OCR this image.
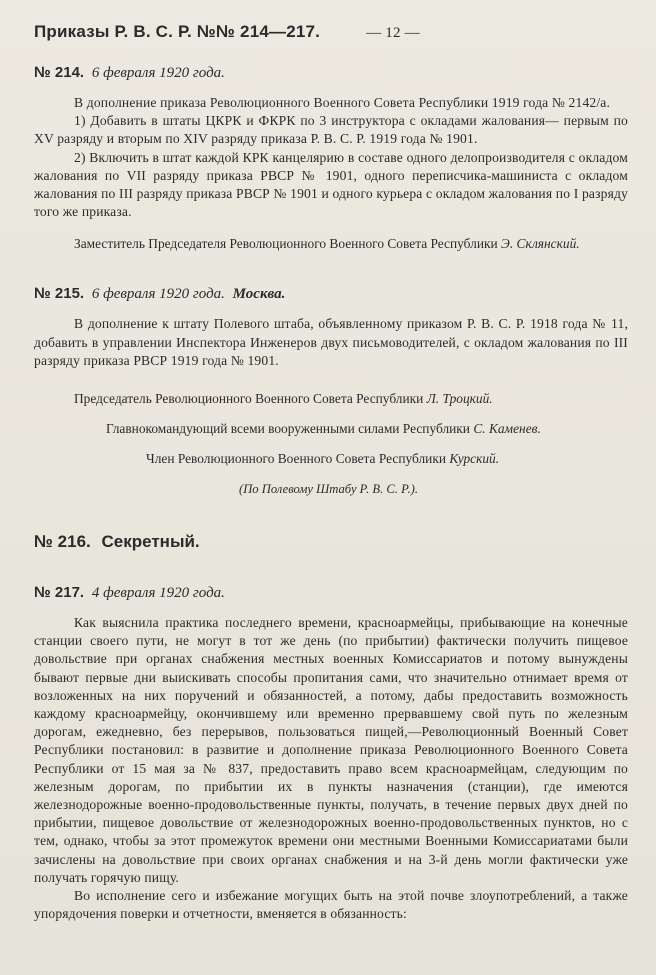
Приказы Р. В. С. Р. №№ 214—217.	— 12 —
№ 214. 6 февраля 1920 года.

В дополнение приказа Революционного Военного Совета Республики 1919 года № 2142/а.

1) Добавить в штаты ЦКРК и ФКРК по 3 инструктора с окладами жалования— первым по XV разряду и вторым по XIV разряду приказа Р. В. С. Р. 1919 года № 1901.

2) Включить в штат каждой КРК канцелярию в составе одного делопроизводителя с окладом жалования по VII разряду приказа РВСР № 1901, одного переписчика-машиниста с окладом жалования по III разряду приказа РВСР № 1901 и одного курьера с окладом жалования по I разряду того же приказа.

Заместитель Председателя Революционного Военного Совета Республики Э. Склянский.
№ 215. 6 февраля 1920 года. Москва.

В дополнение к штату Полевого штаба, объявленному приказом Р. В. С. Р. 1918 года № 11, добавить в управлении Инспектора Инженеров двух письмоводителей, с окладом жалования по III разряду приказа РВСР 1919 года № 1901.

Председатель Революционного Военного Совета Республики Л. Троцкий.
Главнокомандующий всеми вооруженными силами Республики С. Каменев.
Член Революционного Военного Совета Республики Курский.
(По Полевому Штабу Р. В. С. Р.).
№ 216. Секретный.
№ 217. 4 февраля 1920 года.

Как выяснила практика последнего времени, красноармейцы, прибывающие на конечные станции своего пути, не могут в тот же день (по прибытии) фактически получить пищевое довольствие при органах снабжения местных военных Комиссариатов и потому вынуждены бывают первые дни выискивать способы пропитания сами, что значительно отнимает время от возложенных на них поручений и обязанностей, а потому, дабы предоставить возможность каждому красноармейцу, окончившему или временно прервавшему свой путь по железным дорогам, ежедневно, без перерывов, пользоваться пищей,—Революционный Военный Совет Республики постановил: в развитие и дополнение приказа Революционного Военного Совета Республики от 15 мая за № 837, предоставить право всем красноармейцам, следующим по железным дорогам, по прибытии их в пункты назначения (станции), где имеются железнодорожные военно-продовольственные пункты, получать, в течение первых двух дней по прибытии, пищевое довольствие от железнодорожных военно-продовольственных пунктов, но с тем, однако, чтобы за этот промежуток времени они местными Военными Комиссариатами были зачислены на довольствие при своих органах снабжения и на 3-й день могли фактически уже получать горячую пищу.

Во исполнение сего и избежание могущих быть на этой почве злоупотреблений, а также упорядочения поверки и отчетности, вменяется в обязанность:
